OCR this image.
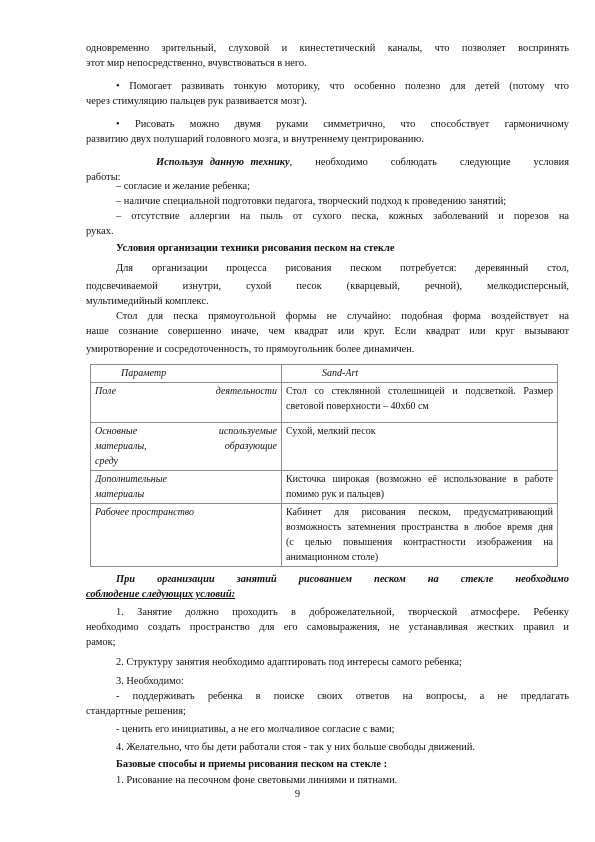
одновременно зрительный, слуховой и кинестетический каналы, что позволяет воспринять
этот мир непосредственно, вчувствоваться в него.
• Помогает развивать тонкую моторику, что особенно полезно для детей (потому что
через стимуляцию пальцев рук развивается мозг).
• Рисовать можно двумя руками симметрично, что способствует гармоничному
развитию двух полушарий головного мозга, и внутреннему центрированию.
Используя данную технику , необходимо соблюдать следующие условия
работы:
– согласие и желание ребенка;
– наличие специальной подготовки педагога, творческий подход к проведению занятий;
– отсутствие аллергии на пыль от сухого песка, кожных заболеваний и порезов на
руках.
Условия организации техники рисования песком на стекле
Для организации процесса рисования песком потребуется: деревянный стол,
подсвечиваемой изнутри, сухой песок (кварцевый, речной), мелкодисперсный,
мультимедийный комплекс.
Стол для песка прямоугольной формы не случайно: подобная форма воздействует на
наше сознание совершенно иначе, чем квадрат или круг. Если квадрат или круг вызывают
умиротворение и сосредоточенность, то прямоугольник более динамичен.
Параметр	Sand-Art

Поле деятельности	Стол со стеклянной столешницей и подсветкой. Размер
световой поверхности – 40х60 см

Основные используемые
материалы, образующие
среду	Сухой, мелкий песок

Дополнительные
материалы	Кисточка широкая (возможно её использование в работе
помимо рук и пальцев)

Рабочее пространство	Кабинет для рисования песком, предусматривающий
возможность затемнения пространства в любое время дня
(с целью повышения контрастности изображения на
анимационном столе)
При организации занятий рисованием песком на стекле необходимо
соблюдение следующих условий:
1. Занятие должно проходить в доброжелательной, творческой атмосфере. Ребенку
необходимо создать пространство для его самовыражения, не устанавливая жестких правил и
рамок;
2. Структуру занятия необходимо адаптировать под интересы самого ребенка;
3. Необходимо:
- поддерживать ребенка в поиске своих ответов на вопросы, а не предлагать
стандартные решения;
- ценить его инициативы, а не его молчаливое согласие с вами;
4. Желательно, что бы дети работали стоя - так у них больше свободы движений.
Базовые способы и приемы рисования песком на стекле :
1. Рисование на песочном фоне световыми линиями и пятнами.
9
